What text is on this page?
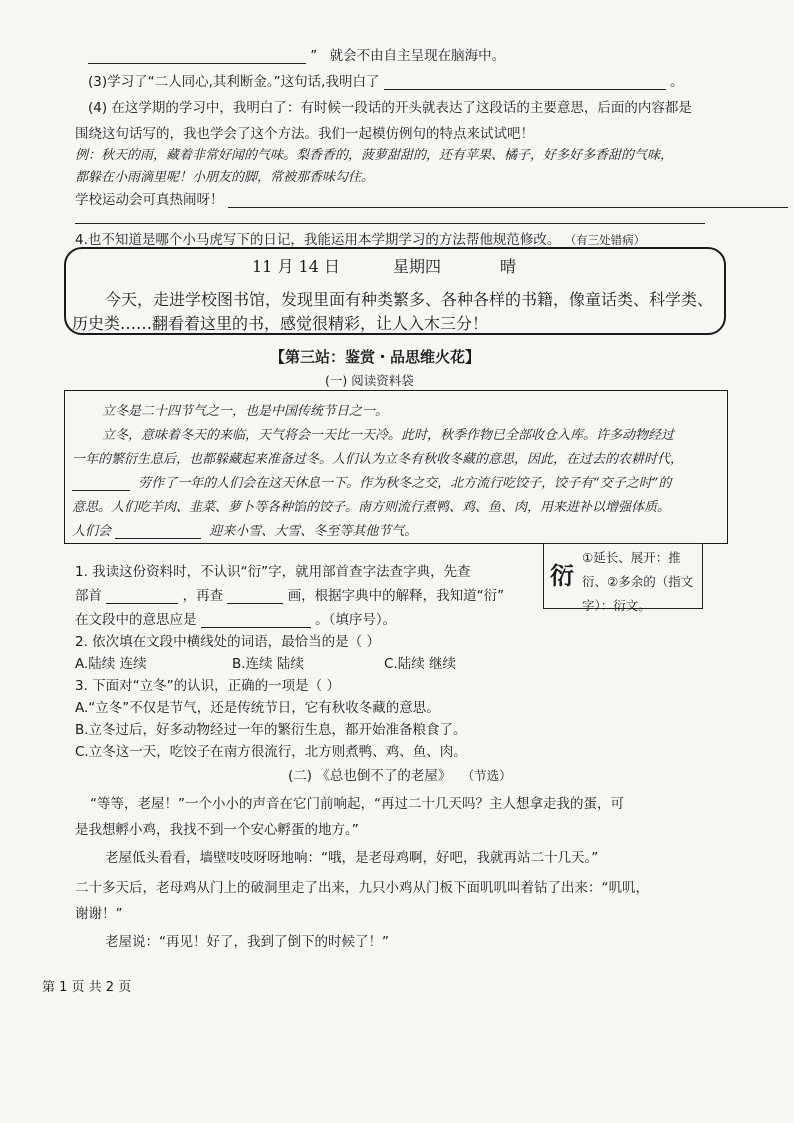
” 就会不由自主呈现在脑海中。
(3)学习了“二人同心,其利断金。”这句话,我明白了	。
(4) 在这学期的学习中，我明白了：有时候一段话的开头就表达了这段话的主要意思，后面的内容都是
围绕这句话写的，我也学会了这个方法。我们一起模仿例句的特点来试试吧！
例：秋天的雨，藏着非常好闻的气味。梨香香的，菠萝甜甜的，还有苹果、橘子，好多好多香甜的气味，
都躲在小雨滴里呢！小朋友的脚，常被那香味勾住。
学校运动会可真热闹呀！
4.也不知道是哪个小马虎写下的日记，我能运用本学期学习的方法帮他规范修改。 （有三处错病）
11 月 14 日	星期四	晴
今天，走进学校图书馆，发现里面有种类繁多、各种各样的书籍，像童话类、科学类、
历史类……翻看着这里的书，感觉很精彩，让人入木三分！
【第三站：鉴赏・品思维火花】
(一) 阅读资料袋
立冬是二十四节气之一，也是中国传统节日之一。
立冬，意味着冬天的来临，天气将会一天比一天冷。此时，秋季作物已全部收仓入库。许多动物经过
一年的繁衍生息后，也都躲藏起来准备过冬。人们认为立冬有秋收冬藏的意思，因此，在过去的农耕时代，
劳作了一年的人们会在这天休息一下。作为秋冬之交，北方流行吃饺子，饺子有“交子之时”的
意思。人们吃羊肉、韭菜、萝卜等各种馅的饺子。南方则流行煮鸭、鸡、鱼、肉，用来进补以增强体质。
人们会	迎来小雪、大雪、冬至等其他节气。
衍
①延长、展开：推衍、②多余的（指文字）：衍文。
1. 我读这份资料时，不认识“衍”字，就用部首查字法查字典，先查
部首	，再查	画，根据字典中的解释，我知道“衍”
在文段中的意思应是	。（填序号）。
2. 依次填在文段中横线处的词语，最恰当的是（ ）
A.陆续 连续	B.连续 陆续	C.陆续 继续
3. 下面对“立冬”的认识，正确的一项是（ ）
A.“立冬”不仅是节气，还是传统节日，它有秋收冬藏的意思。
B.立冬过后，好多动物经过一年的繁衍生息，都开始准备粮食了。
C.立冬这一天，吃饺子在南方很流行，北方则煮鸭、鸡、鱼、肉。
(二) 《总也倒不了的老屋》 （节选）
“等等，老屋！”一个小小的声音在它门前响起，“再过二十几天吗？主人想拿走我的蛋，可
是我想孵小鸡，我找不到一个安心孵蛋的地方。”
老屋低头看看，墙壁吱吱呀呀地响：“哦，是老母鸡啊，好吧，我就再站二十几天。”
二十多天后，老母鸡从门上的破洞里走了出来，九只小鸡从门板下面叽叽叫着钻了出来：“叽叽，
谢谢！”
老屋说：“再见！好了，我到了倒下的时候了！”
第 1 页 共 2 页
